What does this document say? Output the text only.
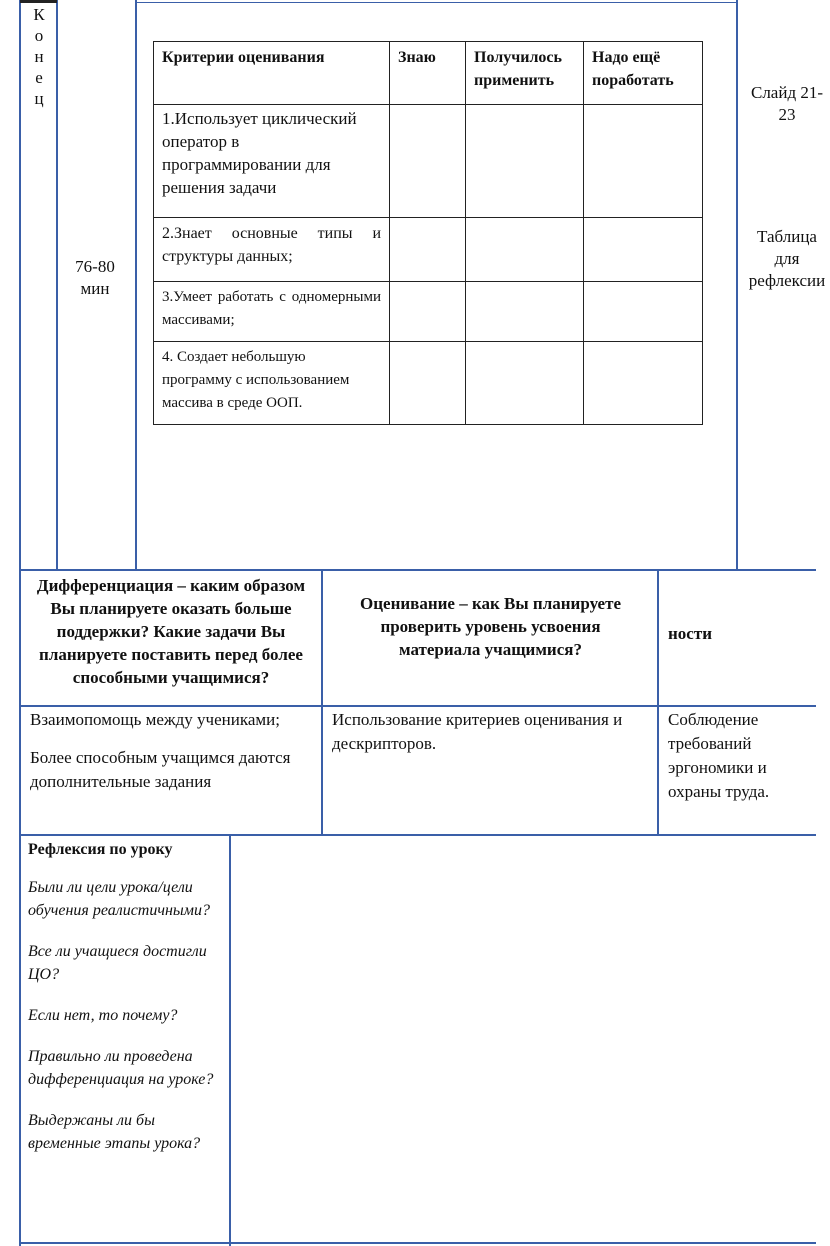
К
о
н
е
ц
76-80 мин
Слайд 21-23
Таблица для рефлексии
Критерии оценивания	Знаю	Получилось применить
Надо ещё поработать
1.Использует циклический оператор в программировании для решения задачи
2.Знает основные типы и структуры данных;
3.Умеет работать с одномерными массивами;
4. Создает небольшую программу с использованием массива в среде ООП.
Дифференциация – каким образом Вы планируете оказать больше поддержки? Какие задачи Вы планируете поставить перед более способными учащимися?
Оценивание – как Вы планируете проверить уровень усвоения материала учащимися?
ности

Взаимопомощь между учениками;

Более способным учащимся даются дополнительные задания

Использование критериев оценивания и дескрипторов.
Соблюдение требований эргономики и охраны труда.

Рефлексия по уроку

Были ли цели урока/цели обучения реалистичными?

Все ли учащиеся достигли ЦО?

Если нет, то почему?

Правильно ли проведена дифференциация на уроке?

Выдержаны ли бы временные этапы урока?
